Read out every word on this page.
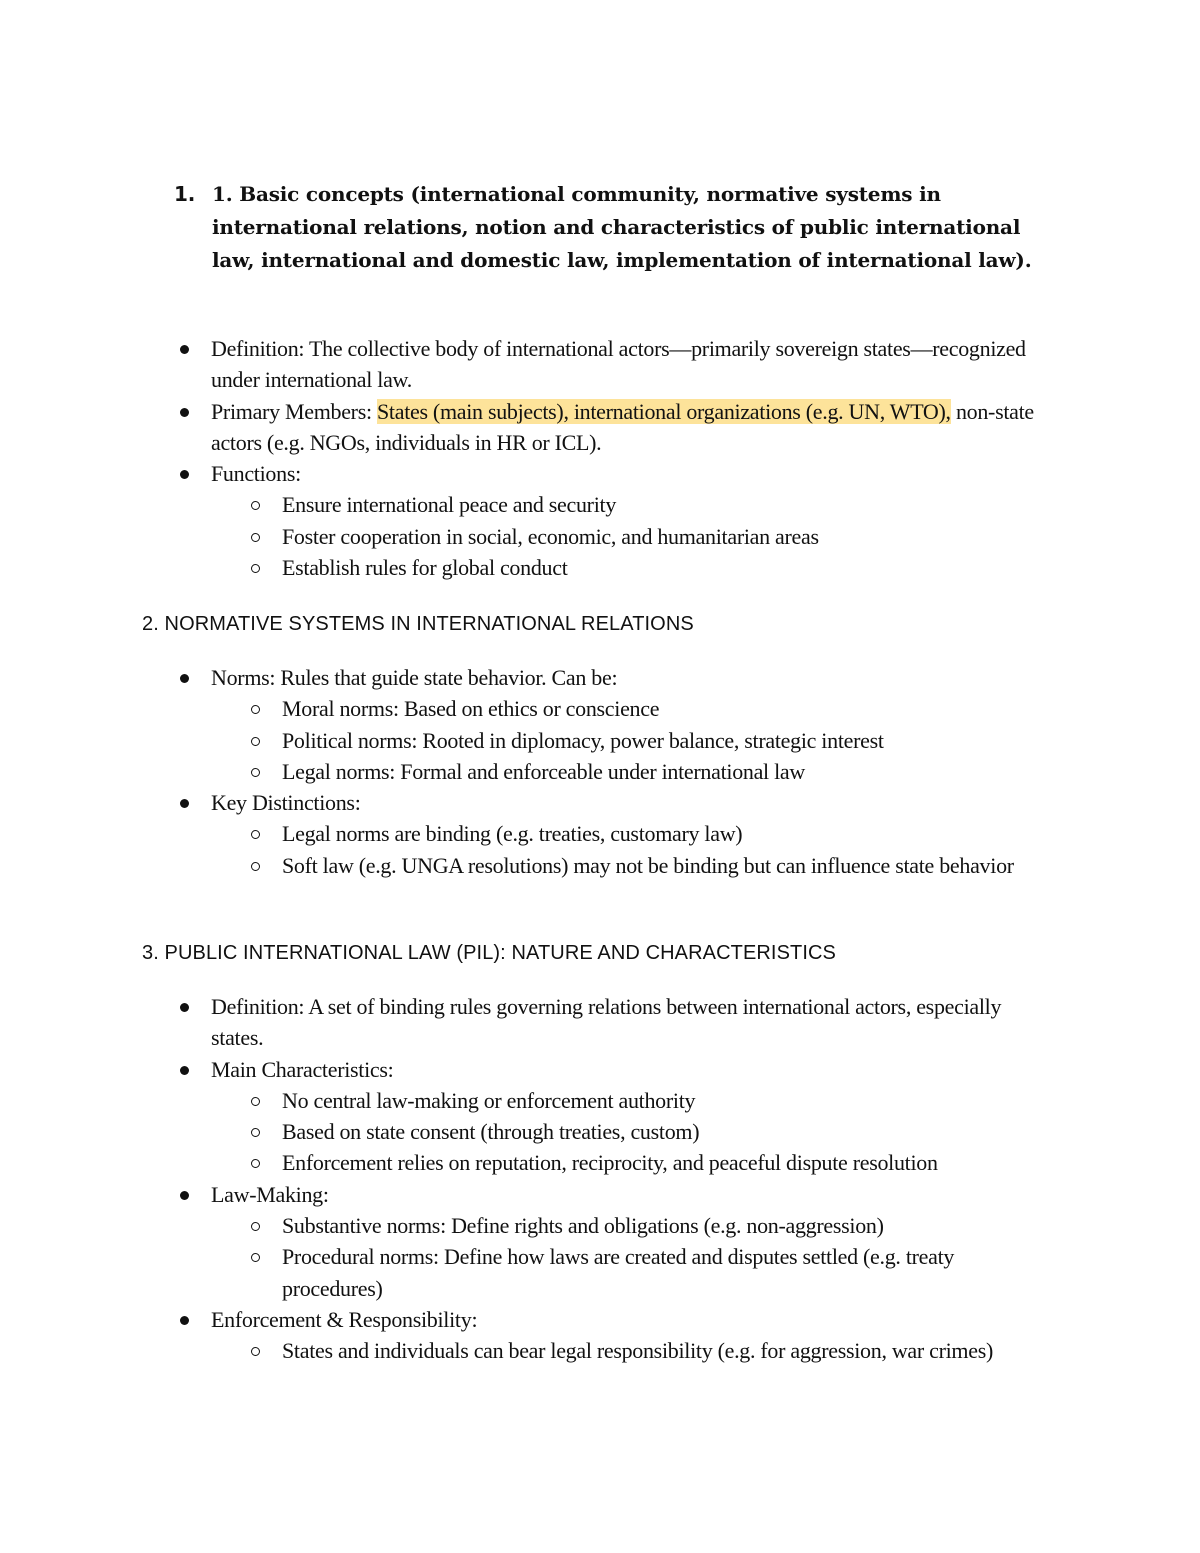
1. 1. Basic concepts (international community, normative systems in international relations, notion and characteristics of public international law, international and domestic law, implementation of international law).
Definition: The collective body of international actors—primarily sovereign states—recognized under international law.
Primary Members: States (main subjects), international organizations (e.g. UN, WTO), non-state actors (e.g. NGOs, individuals in HR or ICL).
Functions:
Ensure international peace and security
Foster cooperation in social, economic, and humanitarian areas
Establish rules for global conduct
2. NORMATIVE SYSTEMS IN INTERNATIONAL RELATIONS
Norms: Rules that guide state behavior. Can be:
Moral norms: Based on ethics or conscience
Political norms: Rooted in diplomacy, power balance, strategic interest
Legal norms: Formal and enforceable under international law
Key Distinctions:
Legal norms are binding (e.g. treaties, customary law)
Soft law (e.g. UNGA resolutions) may not be binding but can influence state behavior
3. PUBLIC INTERNATIONAL LAW (PIL): NATURE AND CHARACTERISTICS
Definition: A set of binding rules governing relations between international actors, especially states.
Main Characteristics:
No central law-making or enforcement authority
Based on state consent (through treaties, custom)
Enforcement relies on reputation, reciprocity, and peaceful dispute resolution
Law-Making:
Substantive norms: Define rights and obligations (e.g. non-aggression)
Procedural norms: Define how laws are created and disputes settled (e.g. treaty procedures)
Enforcement & Responsibility:
States and individuals can bear legal responsibility (e.g. for aggression, war crimes)
